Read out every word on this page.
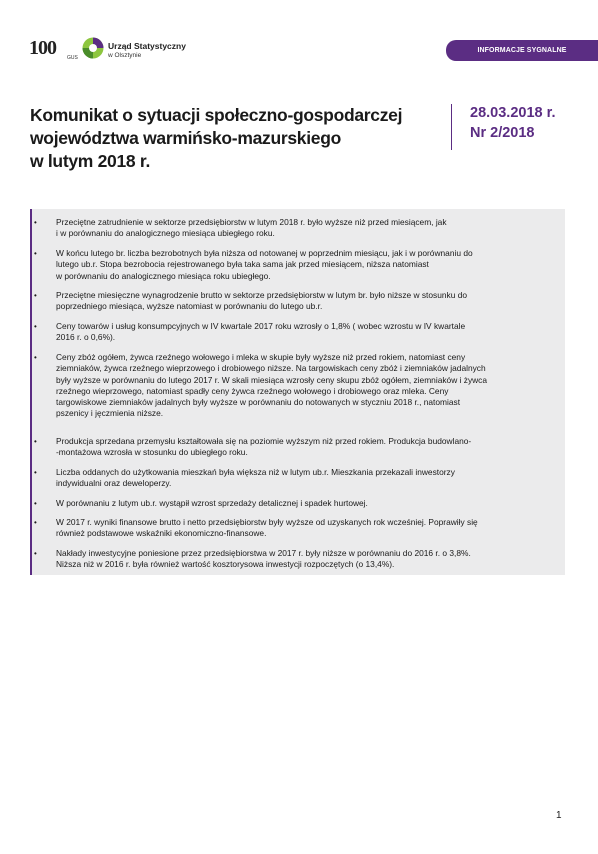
100 GUS
Urząd Statystyczny
w Olsztynie
INFORMACJE SYGNALNE
Komunikat o sytuacji społeczno-gospodarczej
województwa warmińsko-mazurskiego
w lutym 2018 r.
28.03.2018 r.
Nr 2/2018
• Przeciętne zatrudnienie w sektorze przedsiębiorstw w lutym 2018 r. było wyższe niż przed miesiącem, jak
i w porównaniu do analogicznego miesiąca ubiegłego roku.
• W końcu lutego br. liczba bezrobotnych była niższa od notowanej w poprzednim miesiącu, jak i w porównaniu do
lutego ub.r. Stopa bezrobocia rejestrowanego była taka sama jak przed miesiącem, niższa natomiast
w porównaniu do analogicznego miesiąca roku ubiegłego.
• Przeciętne miesięczne wynagrodzenie brutto w sektorze przedsiębiorstw w lutym br. było niższe w stosunku do
poprzedniego miesiąca, wyższe natomiast w porównaniu do lutego ub.r.
• Ceny towarów i usług konsumpcyjnych w IV kwartale 2017 roku wzrosły o 1,8% ( wobec wzrostu w IV kwartale
2016 r. o 0,6%).
• Ceny zbóż ogółem, żywca rzeźnego wołowego i mleka w skupie były wyższe niż przed rokiem, natomiast ceny
ziemniaków, żywca rzeźnego wieprzowego i drobiowego niższe. Na targowiskach ceny zbóż i ziemniaków jadalnych
były wyższe w porównaniu do lutego 2017 r. W skali miesiąca wzrosły ceny skupu zbóż ogółem, ziemniaków i żywca
rzeźnego wieprzowego, natomiast spadły ceny żywca rzeźnego wołowego i drobiowego oraz mleka. Ceny
targowiskowe ziemniaków jadalnych były wyższe w porównaniu do notowanych w styczniu 2018 r., natomiast
pszenicy i jęczmienia niższe.
• Produkcja sprzedana przemysłu kształtowała się na poziomie wyższym niż przed rokiem. Produkcja budowlano-
-montażowa wzrosła w stosunku do ubiegłego roku.
• Liczba oddanych do użytkowania mieszkań była większa niż w lutym ub.r. Mieszkania przekazali inwestorzy
indywidualni oraz deweloperzy.
• W porównaniu z lutym ub.r. wystąpił wzrost sprzedaży detalicznej i spadek hurtowej.
• W 2017 r. wyniki finansowe brutto i netto przedsiębiorstw były wyższe od uzyskanych rok wcześniej. Poprawiły się
również podstawowe wskaźniki ekonomiczno-finansowe.
• Nakłady inwestycyjne poniesione przez przedsiębiorstwa w 2017 r. były niższe w porównaniu do 2016 r. o 3,8%.
Niższa niż w 2016 r. była również wartość kosztorysowa inwestycji rozpoczętych (o 13,4%).
1
